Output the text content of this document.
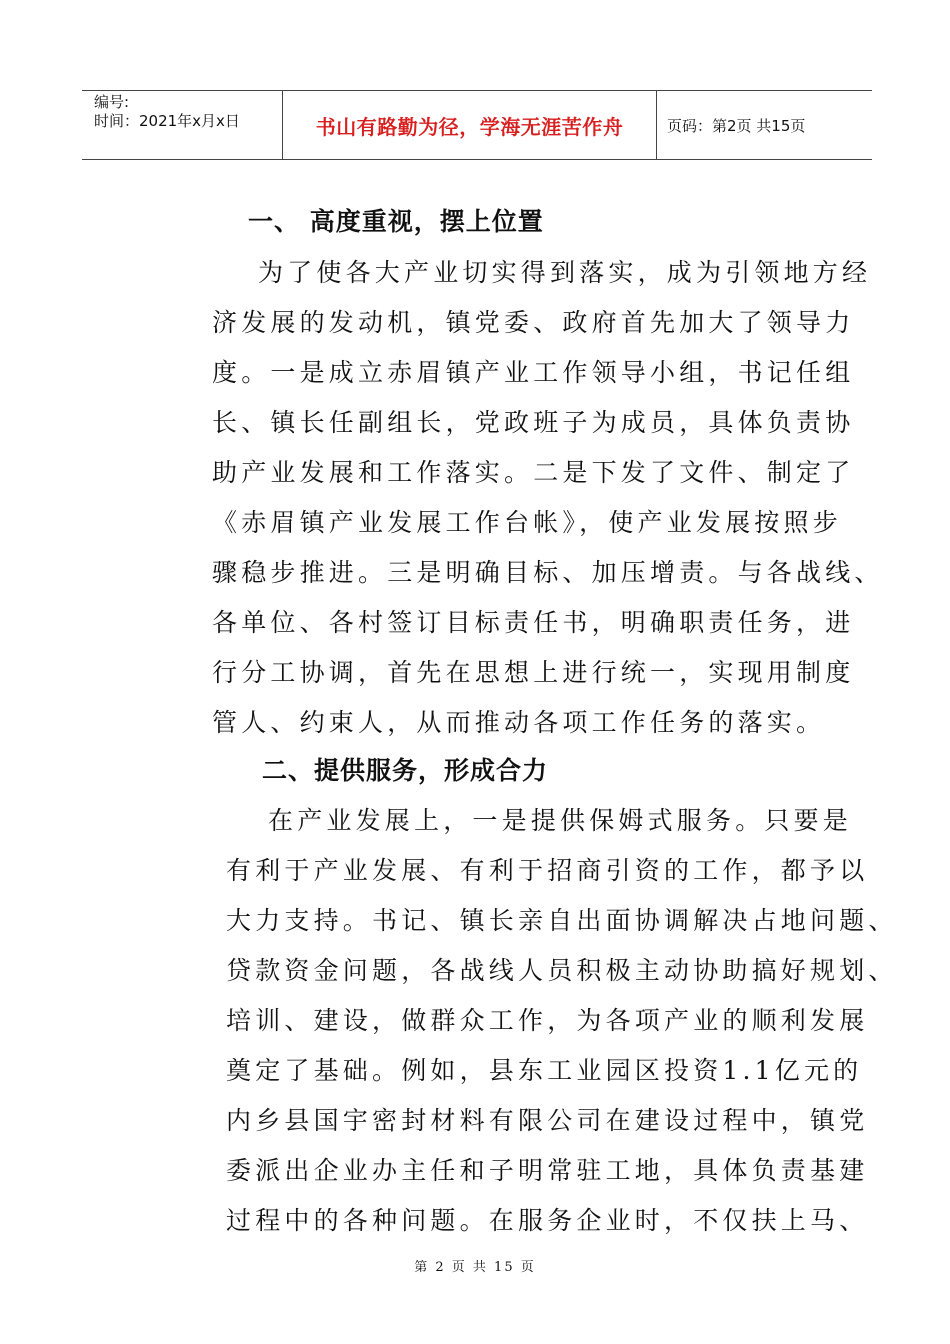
编号:
时间：2021年x月x日	书山有路勤为径，学海无涯苦作舟	页码：第2页 共15页
一、 高度重视，摆上位置
为了使各大产业切实得到落实，成为引领地方经
济发展的发动机，镇党委、政府首先加大了领导力
度。一是成立赤眉镇产业工作领导小组，书记任组
长、镇长任副组长，党政班子为成员，具体负责协
助产业发展和工作落实。二是下发了文件、制定了
《赤眉镇产业发展工作台帐》，使产业发展按照步
骤稳步推进。三是明确目标、加压增责。与各战线、
各单位、各村签订目标责任书，明确职责任务，进
行分工协调，首先在思想上进行统一，实现用制度
管人、约束人，从而推动各项工作任务的落实。
二、提供服务，形成合力
在产业发展上，一是提供保姆式服务。只要是
有利于产业发展、有利于招商引资的工作，都予以
大力支持。书记、镇长亲自出面协调解决占地问题、
贷款资金问题，各战线人员积极主动协助搞好规划、
培训、建设，做群众工作，为各项产业的顺利发展
奠定了基础。例如，县东工业园区投资1.1亿元的
内乡县国宇密封材料有限公司在建设过程中，镇党
委派出企业办主任和子明常驻工地，具体负责基建
过程中的各种问题。在服务企业时，不仅扶上马、
第 2 页 共 15 页
